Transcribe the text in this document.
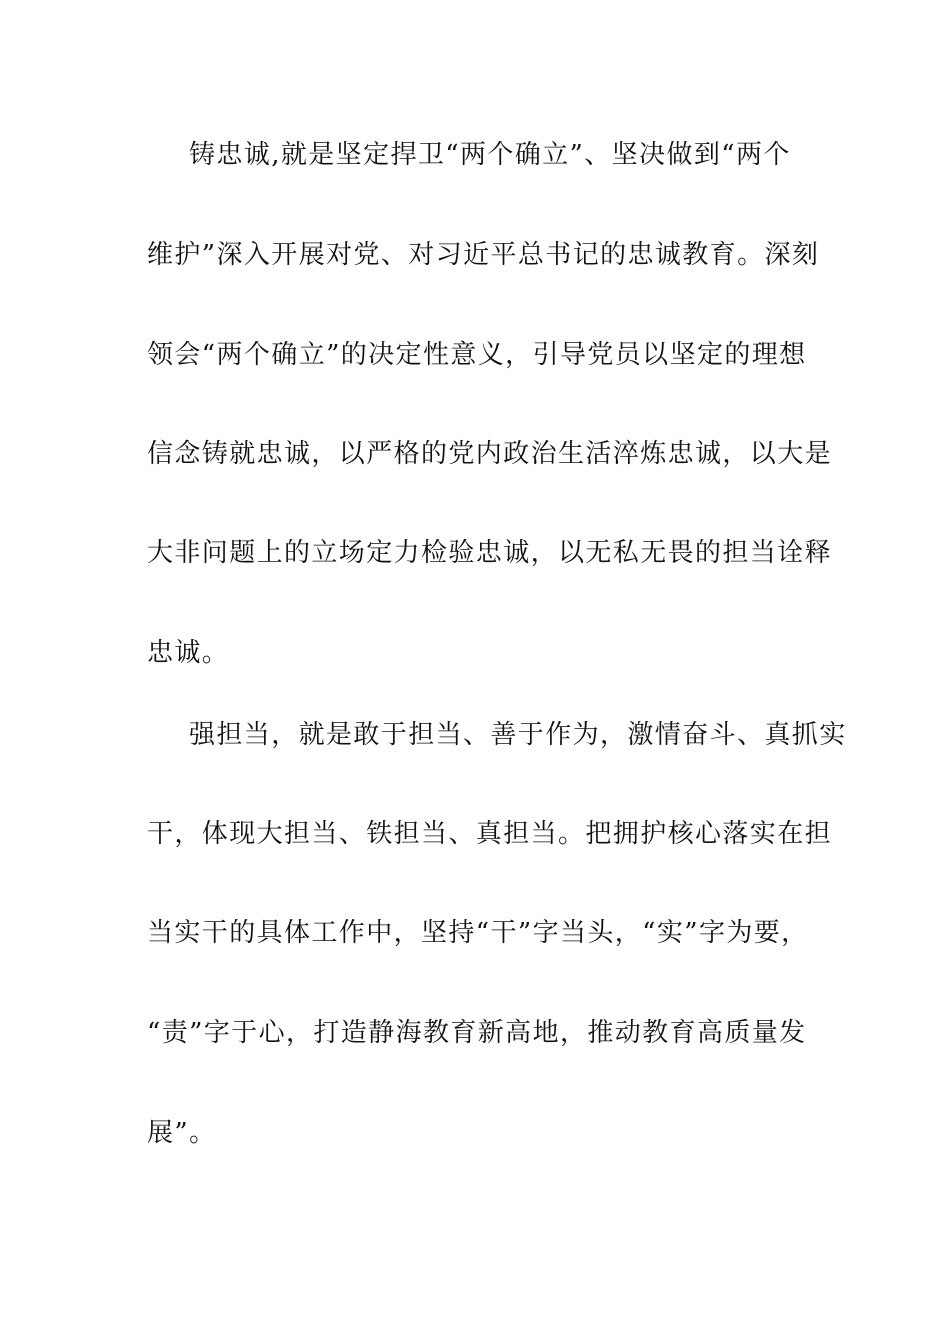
铸忠诚,就是坚定捍卫“两个确立”、坚决做到“两个

维护”深入开展对党、对习近平总书记的忠诚教育。深刻

领会“两个确立”的决定性意义，引导党员以坚定的理想

信念铸就忠诚，以严格的党内政治生活淬炼忠诚，以大是

大非问题上的立场定力检验忠诚，以无私无畏的担当诠释

忠诚。

强担当，就是敢于担当、善于作为，激情奋斗、真抓实

干，体现大担当、铁担当、真担当。把拥护核心落实在担

当实干的具体工作中，坚持“干”字当头，“实”字为要，

“责”字于心，打造静海教育新高地，推动教育高质量发

展”。
